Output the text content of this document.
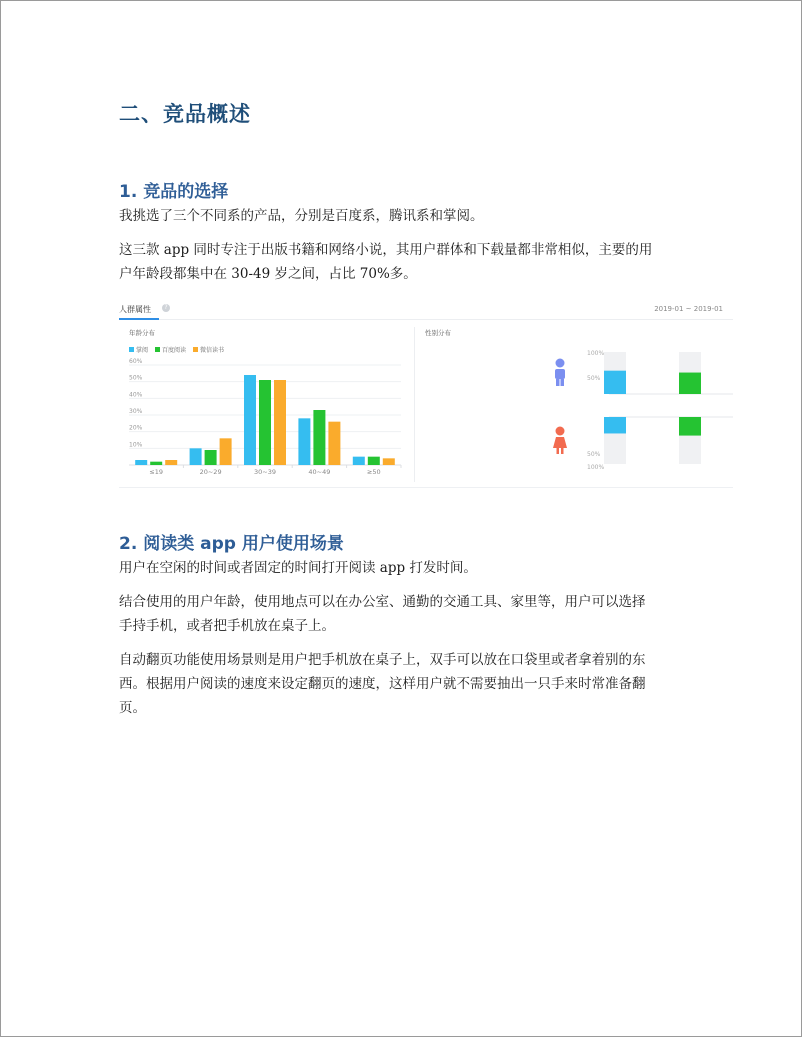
二、竞品概述
1. 竞品的选择

我挑选了三个不同系的产品，分别是百度系，腾讯系和掌阅。

这三款 app 同时专注于出版书籍和网络小说，其用户群体和下载量都非常相似，主要的用

户年龄段都集中在 30-49 岁之间，占比 70%多。

人群属性	?	2019-01 ~ 2019-01
年龄分布
掌阅 百度阅读 微信读书
60%
50%
40%
30%
20%
10%
≤19	20~29	30~39	40~49	≥50
性别分布
100%
50%
50%
100%
2. 阅读类 app 用户使用场景

用户在空闲的时间或者固定的时间打开阅读 app 打发时间。

结合使用的用户年龄，使用地点可以在办公室、通勤的交通工具、家里等，用户可以选择

手持手机，或者把手机放在桌子上。

自动翻页功能使用场景则是用户把手机放在桌子上，双手可以放在口袋里或者拿着别的东

西。根据用户阅读的速度来设定翻页的速度，这样用户就不需要抽出一只手来时常准备翻

页。
